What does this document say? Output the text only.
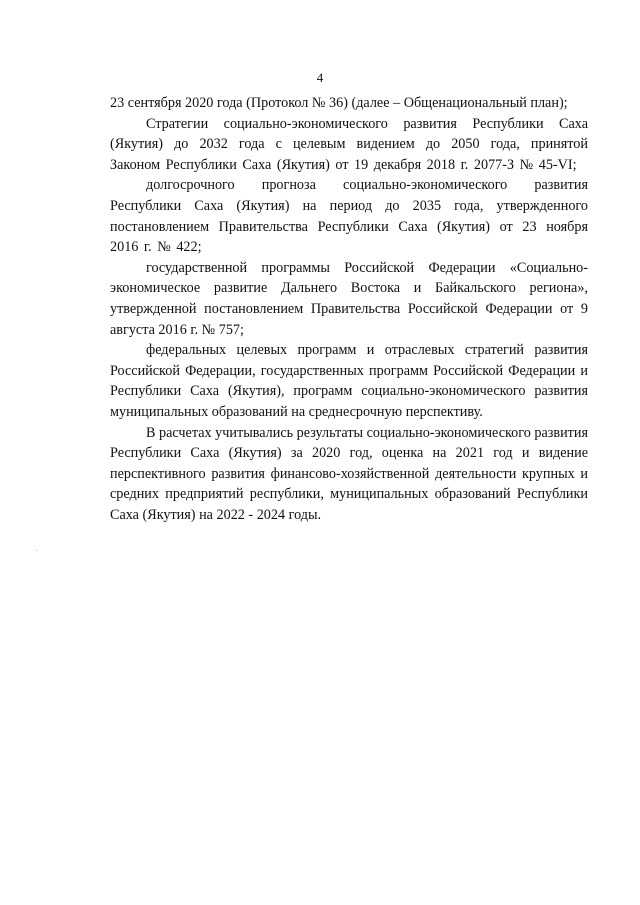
4

23 сентября 2020 года (Протокол № 36) (далее – Общенациональный план);

Стратегии социально-экономического развития Республики Саха (Якутия) до 2032 года с целевым видением до 2050 года, принятой Законом Республики Саха (Якутия) от 19 декабря 2018 г. 2077-З № 45-VI;

долгосрочного прогноза социально-экономического развития Республики Саха (Якутия) на период до 2035 года, утвержденного постановлением Правительства Республики Саха (Якутия) от 23 ноября 2016 г. № 422;

государственной программы Российской Федерации «Социально-экономическое развитие Дальнего Востока и Байкальского региона», утвержденной постановлением Правительства Российской Федерации от 9 августа 2016 г. № 757;

федеральных целевых программ и отраслевых стратегий развития Российской Федерации, государственных программ Российской Федерации и Республики Саха (Якутия), программ социально-экономического развития муниципальных образований на среднесрочную перспективу.

В расчетах учитывались результаты социально-экономического развития Республики Саха (Якутия) за 2020 год, оценка на 2021 год и видение перспективного развития финансово-хозяйственной деятельности крупных и средних предприятий республики, муниципальных образований Республики Саха (Якутия) на 2022 - 2024 годы.
